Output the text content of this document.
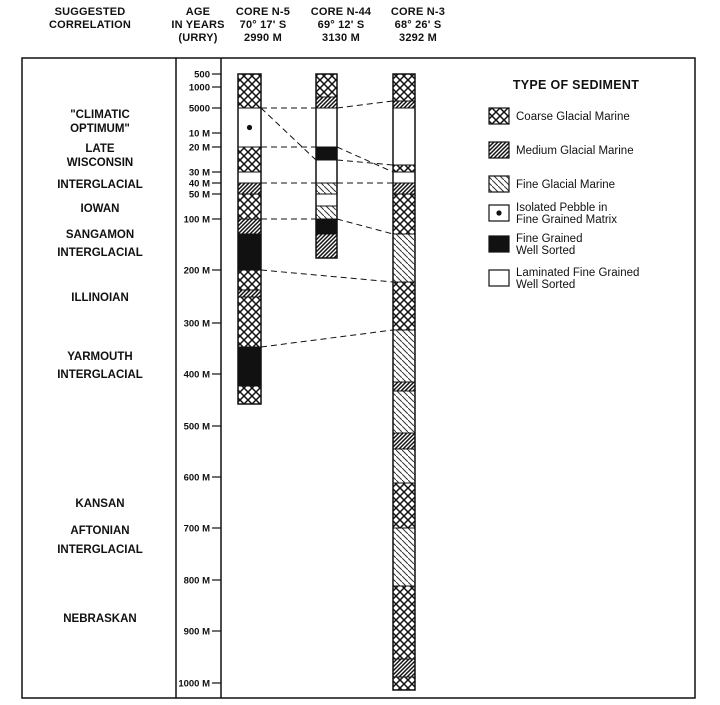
SUGGESTED
CORRELATION
AGE
IN YEARS
(URRY)
CORE N-5
70° 17' S
2990 M
CORE N-44
69° 12' S
3130 M
CORE N-3
68° 26' S
3292 M
500
1000
5000
10 M
20 M
30 M
40 M
50 M
100 M
200 M
300 M
400 M
500 M
600 M
700 M
800 M
900 M
1000 M
"CLIMATIC
OPTIMUM"
LATE
WISCONSIN
INTERGLACIAL
IOWAN
SANGAMON
INTERGLACIAL
ILLINOIAN
YARMOUTH
INTERGLACIAL
KANSAN
AFTONIAN
INTERGLACIAL
NEBRASKAN
TYPE OF SEDIMENT
Coarse Glacial Marine
Medium Glacial Marine
Fine Glacial Marine
Isolated Pebble in
Fine Grained Matrix
Fine Grained
Well Sorted
Laminated Fine Grained
Well Sorted
